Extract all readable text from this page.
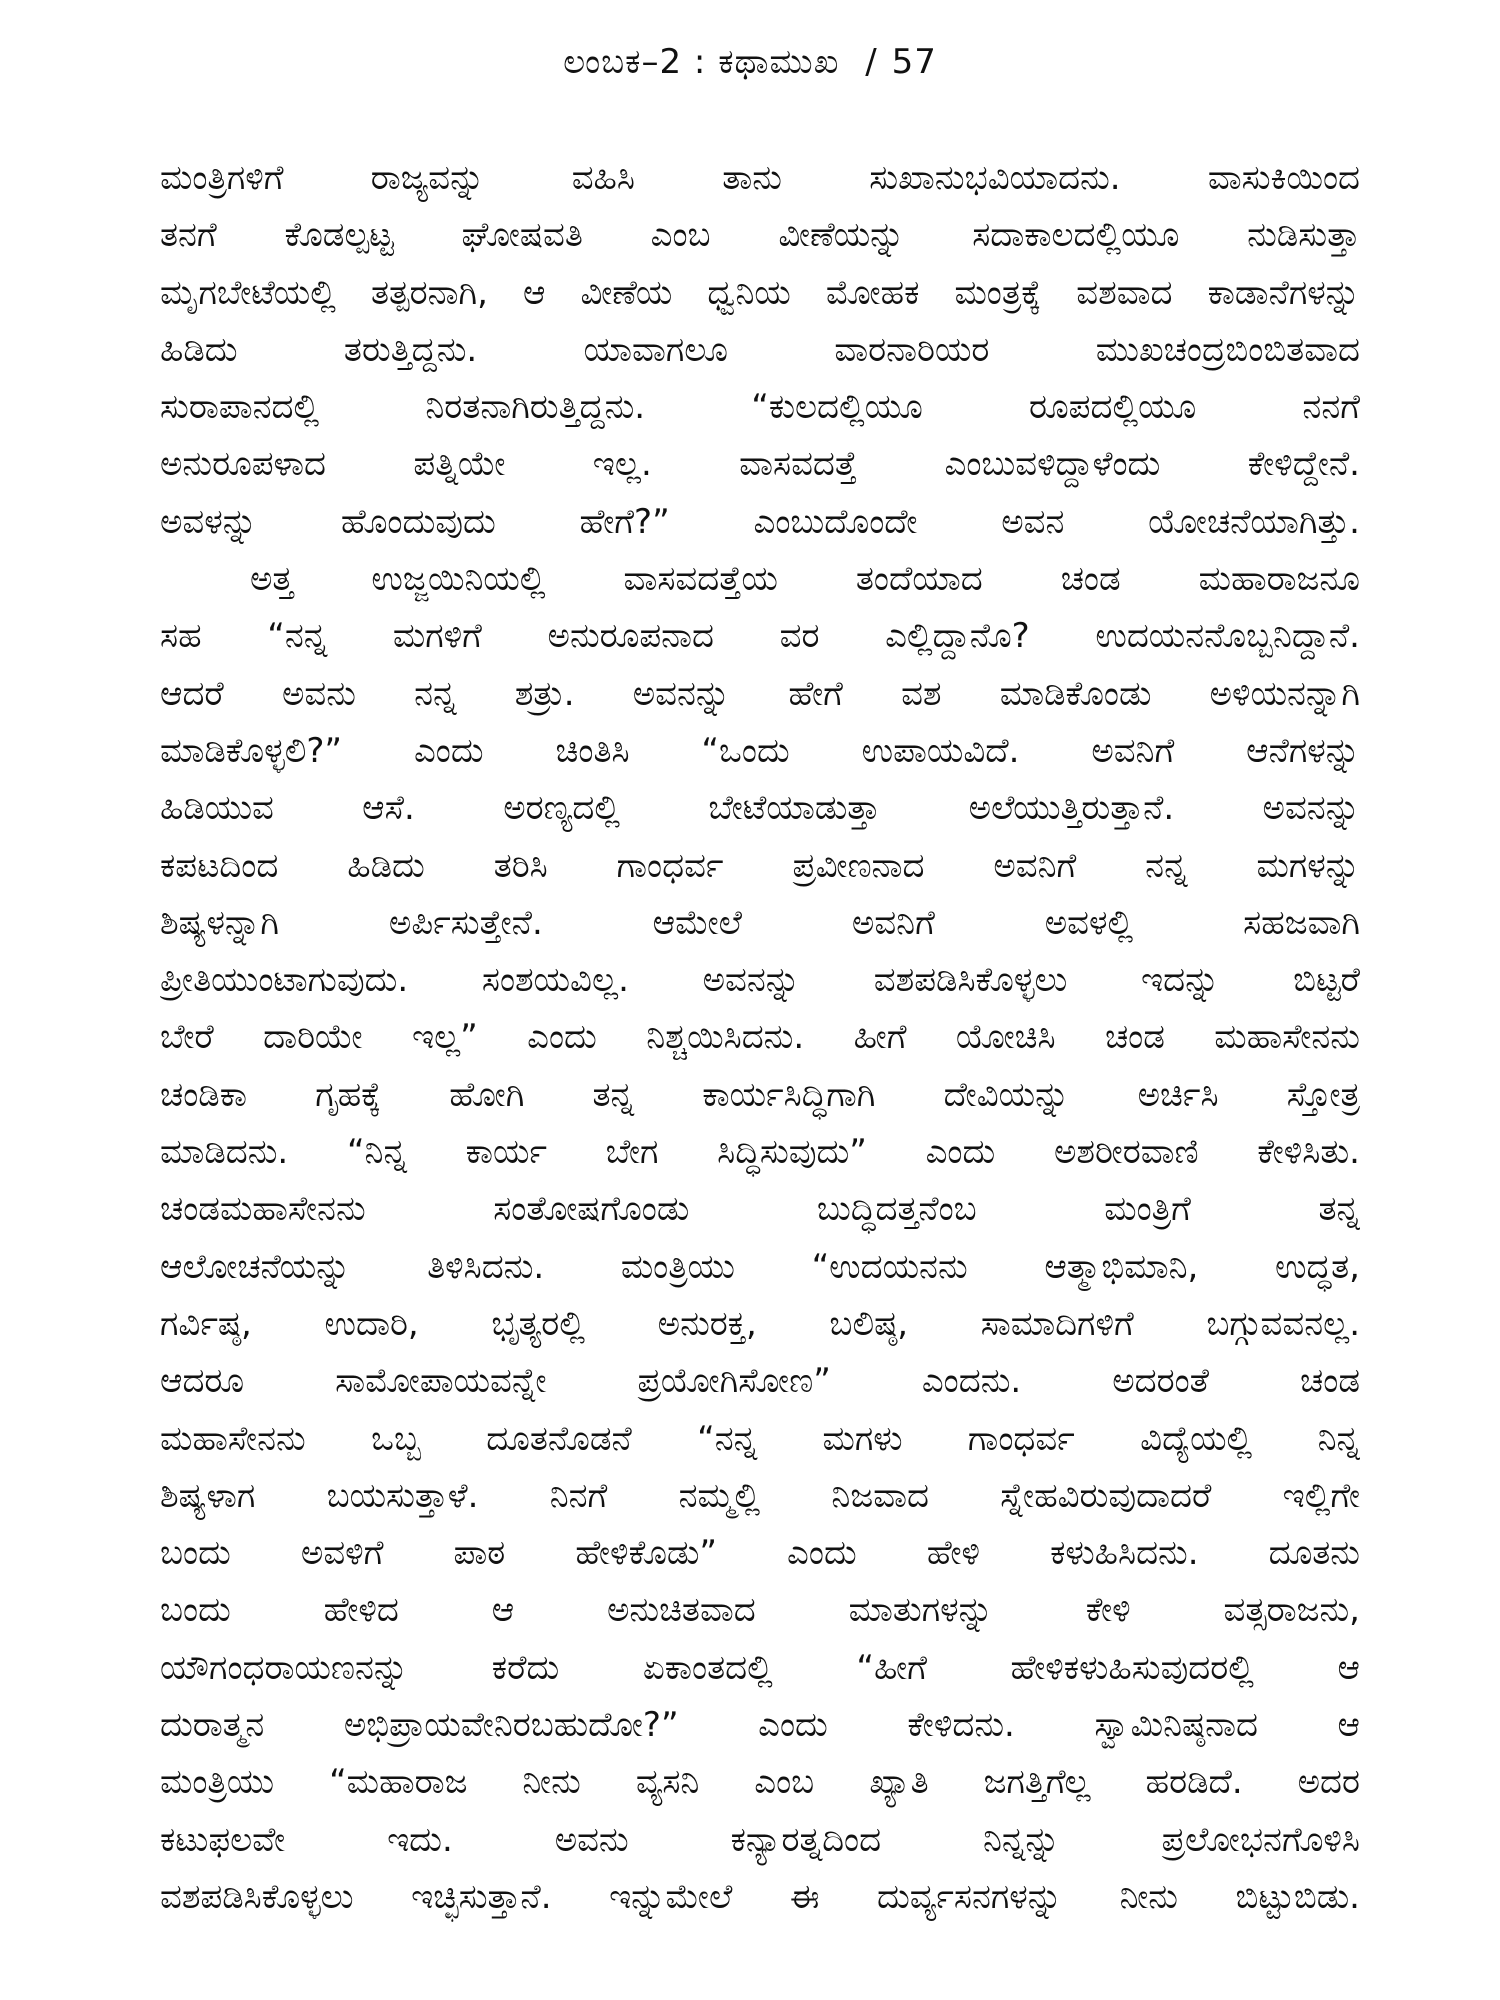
ಲಂಬಕ–2 : ಕಥಾಮುಖ / 57
ಮಂತ್ರಿಗಳಿಗೆ ರಾಜ್ಯವನ್ನು ವಹಿಸಿ ತಾನು ಸುಖಾನುಭವಿಯಾದನು. ವಾಸುಕಿಯಿಂದ
ತನಗೆ ಕೊಡಲ್ಪಟ್ಟ ಘೋಷವತಿ ಎಂಬ ವೀಣೆಯನ್ನು ಸದಾಕಾಲದಲ್ಲಿಯೂ ನುಡಿಸುತ್ತಾ
ಮೃಗಬೇಟೆಯಲ್ಲಿ ತತ್ಪರನಾಗಿ, ಆ ವೀಣೆಯ ಧ್ವನಿಯ ಮೋಹಕ ಮಂತ್ರಕ್ಕೆ ವಶವಾದ ಕಾಡಾನೆಗಳನ್ನು
ಹಿಡಿದು ತರುತ್ತಿದ್ದನು. ಯಾವಾಗಲೂ ವಾರನಾರಿಯರ ಮುಖಚಂದ್ರಬಿಂಬಿತವಾದ
ಸುರಾಪಾನದಲ್ಲಿ ನಿರತನಾಗಿರುತ್ತಿದ್ದನು. “ಕುಲದಲ್ಲಿಯೂ ರೂಪದಲ್ಲಿಯೂ ನನಗೆ
ಅನುರೂಪಳಾದ ಪತ್ನಿಯೇ ಇಲ್ಲ. ವಾಸವದತ್ತೆ ಎಂಬುವಳಿದ್ದಾಳೆಂದು ಕೇಳಿದ್ದೇನೆ.
ಅವಳನ್ನು ಹೊಂದುವುದು ಹೇಗೆ?” ಎಂಬುದೊಂದೇ ಅವನ ಯೋಚನೆಯಾಗಿತ್ತು.
ಅತ್ತ ಉಜ್ಜಯಿನಿಯಲ್ಲಿ ವಾಸವದತ್ತೆಯ ತಂದೆಯಾದ ಚಂಡ ಮಹಾರಾಜನೂ
ಸಹ “ನನ್ನ ಮಗಳಿಗೆ ಅನುರೂಪನಾದ ವರ ಎಲ್ಲಿದ್ದಾನೊ? ಉದಯನನೊಬ್ಬನಿದ್ದಾನೆ.
ಆದರೆ ಅವನು ನನ್ನ ಶತ್ರು. ಅವನನ್ನು ಹೇಗೆ ವಶ ಮಾಡಿಕೊಂಡು ಅಳಿಯನನ್ನಾಗಿ
ಮಾಡಿಕೊಳ್ಳಲಿ?” ಎಂದು ಚಿಂತಿಸಿ “ಒಂದು ಉಪಾಯವಿದೆ. ಅವನಿಗೆ ಆನೆಗಳನ್ನು
ಹಿಡಿಯುವ ಆಸೆ. ಅರಣ್ಯದಲ್ಲಿ ಬೇಟೆಯಾಡುತ್ತಾ ಅಲೆಯುತ್ತಿರುತ್ತಾನೆ. ಅವನನ್ನು
ಕಪಟದಿಂದ ಹಿಡಿದು ತರಿಸಿ ಗಾಂಧರ್ವ ಪ್ರವೀಣನಾದ ಅವನಿಗೆ ನನ್ನ ಮಗಳನ್ನು
ಶಿಷ್ಯಳನ್ನಾಗಿ ಅರ್ಪಿಸುತ್ತೇನೆ. ಆಮೇಲೆ ಅವನಿಗೆ ಅವಳಲ್ಲಿ ಸಹಜವಾಗಿ
ಪ್ರೀತಿಯುಂಟಾಗುವುದು. ಸಂಶಯವಿಲ್ಲ. ಅವನನ್ನು ವಶಪಡಿಸಿಕೊಳ್ಳಲು ಇದನ್ನು ಬಿಟ್ಟರೆ
ಬೇರೆ ದಾರಿಯೇ ಇಲ್ಲ” ಎಂದು ನಿಶ್ಚಯಿಸಿದನು. ಹೀಗೆ ಯೋಚಿಸಿ ಚಂಡ ಮಹಾಸೇನನು
ಚಂಡಿಕಾ ಗೃಹಕ್ಕೆ ಹೋಗಿ ತನ್ನ ಕಾರ್ಯಸಿದ್ಧಿಗಾಗಿ ದೇವಿಯನ್ನು ಅರ್ಚಿಸಿ ಸ್ತೋತ್ರ
ಮಾಡಿದನು. “ನಿನ್ನ ಕಾರ್ಯ ಬೇಗ ಸಿದ್ಧಿಸುವುದು” ಎಂದು ಅಶರೀರವಾಣಿ ಕೇಳಿಸಿತು.
ಚಂಡಮಹಾಸೇನನು ಸಂತೋಷಗೊಂಡು ಬುದ್ಧಿದತ್ತನೆಂಬ ಮಂತ್ರಿಗೆ ತನ್ನ
ಆಲೋಚನೆಯನ್ನು ತಿಳಿಸಿದನು. ಮಂತ್ರಿಯು “ಉದಯನನು ಆತ್ಮಾಭಿಮಾನಿ, ಉದ್ಧತ,
ಗರ್ವಿಷ್ಠ, ಉದಾರಿ, ಭೃತ್ಯರಲ್ಲಿ ಅನುರಕ್ತ, ಬಲಿಷ್ಠ, ಸಾಮಾದಿಗಳಿಗೆ ಬಗ್ಗುವವನಲ್ಲ.
ಆದರೂ ಸಾಮೋಪಾಯವನ್ನೇ ಪ್ರಯೋಗಿಸೋಣ” ಎಂದನು. ಅದರಂತೆ ಚಂಡ
ಮಹಾಸೇನನು ಒಬ್ಬ ದೂತನೊಡನೆ “ನನ್ನ ಮಗಳು ಗಾಂಧರ್ವ ವಿದ್ಯೆಯಲ್ಲಿ ನಿನ್ನ
ಶಿಷ್ಯಳಾಗ ಬಯಸುತ್ತಾಳೆ. ನಿನಗೆ ನಮ್ಮಲ್ಲಿ ನಿಜವಾದ ಸ್ನೇಹವಿರುವುದಾದರೆ ಇಲ್ಲಿಗೇ
ಬಂದು ಅವಳಿಗೆ ಪಾಠ ಹೇಳಿಕೊಡು” ಎಂದು ಹೇಳಿ ಕಳುಹಿಸಿದನು. ದೂತನು
ಬಂದು ಹೇಳಿದ ಆ ಅನುಚಿತವಾದ ಮಾತುಗಳನ್ನು ಕೇಳಿ ವತ್ಸರಾಜನು,
ಯೌಗಂಧರಾಯಣನನ್ನು ಕರೆದು ಏಕಾಂತದಲ್ಲಿ “ಹೀಗೆ ಹೇಳಿಕಳುಹಿಸುವುದರಲ್ಲಿ ಆ
ದುರಾತ್ಮನ ಅಭಿಪ್ರಾಯವೇನಿರಬಹುದೋ?” ಎಂದು ಕೇಳಿದನು. ಸ್ವಾಮಿನಿಷ್ಠನಾದ ಆ
ಮಂತ್ರಿಯು “ಮಹಾರಾಜ ನೀನು ವ್ಯಸನಿ ಎಂಬ ಖ್ಯಾತಿ ಜಗತ್ತಿಗೆಲ್ಲ ಹರಡಿದೆ. ಅದರ
ಕಟುಫಲವೇ ಇದು. ಅವನು ಕನ್ಯಾರತ್ನದಿಂದ ನಿನ್ನನ್ನು ಪ್ರಲೋಭನಗೊಳಿಸಿ
ವಶಪಡಿಸಿಕೊಳ್ಳಲು ಇಚ್ಛಿಸುತ್ತಾನೆ. ಇನ್ನುಮೇಲೆ ಈ ದುರ್ವ್ಯಸನಗಳನ್ನು ನೀನು ಬಿಟ್ಟುಬಿಡು.
